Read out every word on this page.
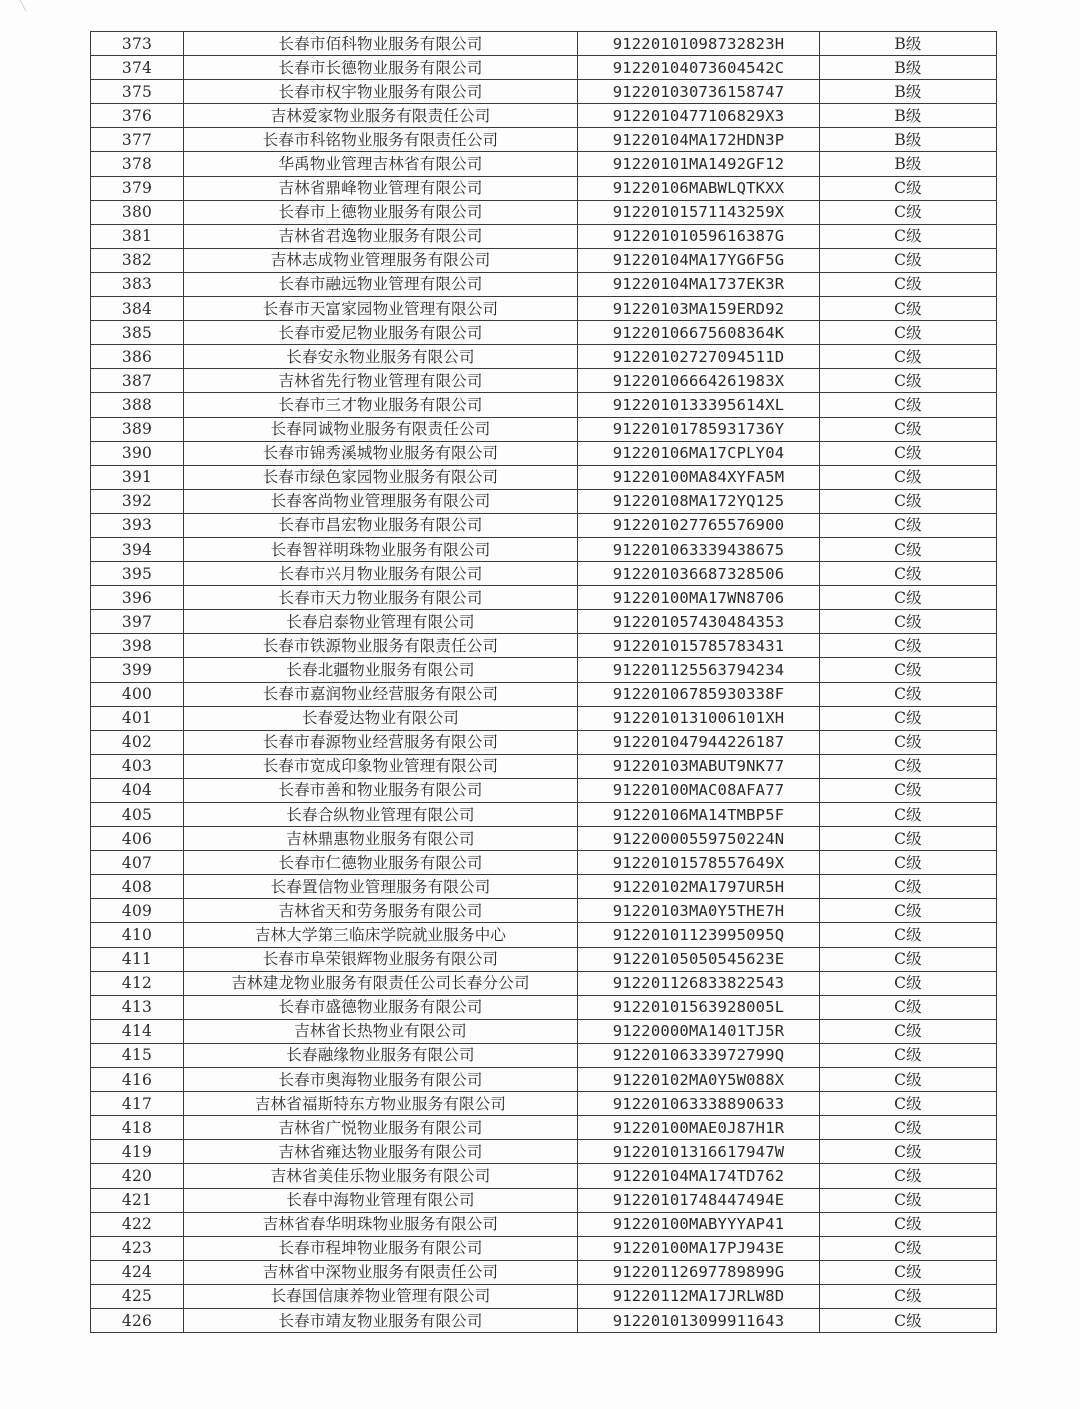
╲
373	长春市佰科物业服务有限公司	91220101098732823H	B级
374	长春市长德物业服务有限公司	91220104073604542C	B级
375	长春市权宇物业服务有限公司	912201030736158747	B级
376	吉林爱家物业服务有限责任公司	9122010477106829X3	B级
377	长春市科铭物业服务有限责任公司	91220104MA172HDN3P	B级
378	华禹物业管理吉林省有限公司	91220101MA1492GF12	B级
379	吉林省鼎峰物业管理有限公司	91220106MABWLQTKXX	C级
380	长春市上德物业服务有限公司	9122010157114325​9X	C级
381	吉林省君逸物业服务有限公司	91220101059616387G	C级
382	吉林志成物业管理服务有限公司	91220104MA17YG6F5G	C级
383	长春市融远物业管理有限公司	91220104MA1737EK3R	C级
384	长春市天富家园物业管理有限公司	91220103MA159ERD92	C级
385	长春市爱尼物业服务有限公司	91220106675608364K	C级
386	长春安永物业服务有限公司	91220102727094511D	C级
387	吉林省先行物业管理有限公司	91220106664261983X	C级
388	长春市三才物业服务有限公司	9122010133395614XL	C级
389	长春同诚物业服务有限责任公司	91220101785931736Y	C级
390	长春市锦秀溪城物业服务有限公司	91220106MA17CPLY04	C级
391	长春市绿色家园物业服务有限公司	91220100MA84XYFA5M	C级
392	长春客尚物业管理服务有限公司	91220108MA172YQ125	C级
393	长春市昌宏物业服务有限公司	912201027765576900	C级
394	长春智祥明珠物业服务有限公司	912201063339438675	C级
395	长春市兴月物业服务有限公司	912201036687328506	C级
396	长春市天力物业服务有限公司	91220100MA17WN8706	C级
397	长春启泰物业管理有限公司	912201057430484353	C级
398	长春市铁源物业服务有限责任公司	912201015785783431	C级
399	长春北疆物业服务有限公司	912201125563794234	C级
400	长春市嘉润物业经营服务有限公司	91220106785930338F	C级
401	长春爱达物业有限公司	9122010131006101XH	C级
402	长春市春源物业经营服务有限公司	912201047944226187	C级
403	长春市宽成印象物业管理有限公司	91220103MABUT9NK77	C级
404	长春市善和物业服务有限公司	91220100MAC08AFA77	C级
405	长春合纵物业管理有限公司	91220106MA14TMBP5F	C级
406	吉林鼎惠物业服务有限公司	91220000559750224N	C级
407	长春市仁德物业服务有限公司	91220101578557649X	C级
408	长春置信物业管理服务有限公司	91220102MA1797UR5H	C级
409	吉林省天和劳务服务有限公司	91220103MA0Y5THE7H	C级
410	吉林大学第三临床学院就业服务中心	91220101123995095Q	C级
411	长春市阜荣银辉物业服务有限公司	91220105050545623E	C级
412	吉林建龙物业服务有限责任公司长春分公司	912201126833822543	C级
413	长春市盛德物业服务有限公司	91220101563928005L	C级
414	吉林省长热物业有限公司	91220000MA1401TJ5R	C级
415	长春融缘物业服务有限公司	91220106333972799Q	C级
416	长春市奥海物业服务有限公司	91220102MA0Y5W088X	C级
417	吉林省福斯特东方物业服务有限公司	912201063338890633	C级
418	吉林省广悦物业服务有限公司	91220100MAE0J87H1R	C级
419	吉林省雍达物业服务有限公司	91220101316617947W	C级
420	吉林省美佳乐物业服务有限公司	91220104MA174TD762	C级
421	长春中海物业管理有限公司	91220101748447494E	C级
422	吉林省春华明珠物业服务有限公司	91220100MABYYYAP41	C级
423	长春市程坤物业服务有限公司	91220100MA17PJ943E	C级
424	吉林省中深物业服务有限责任公司	91220112697789899G	C级
425	长春国信康养物业管理有限公司	91220112MA17JRLW8D	C级
426	长春市靖友物业服务有限公司	912201013099911643	C级
